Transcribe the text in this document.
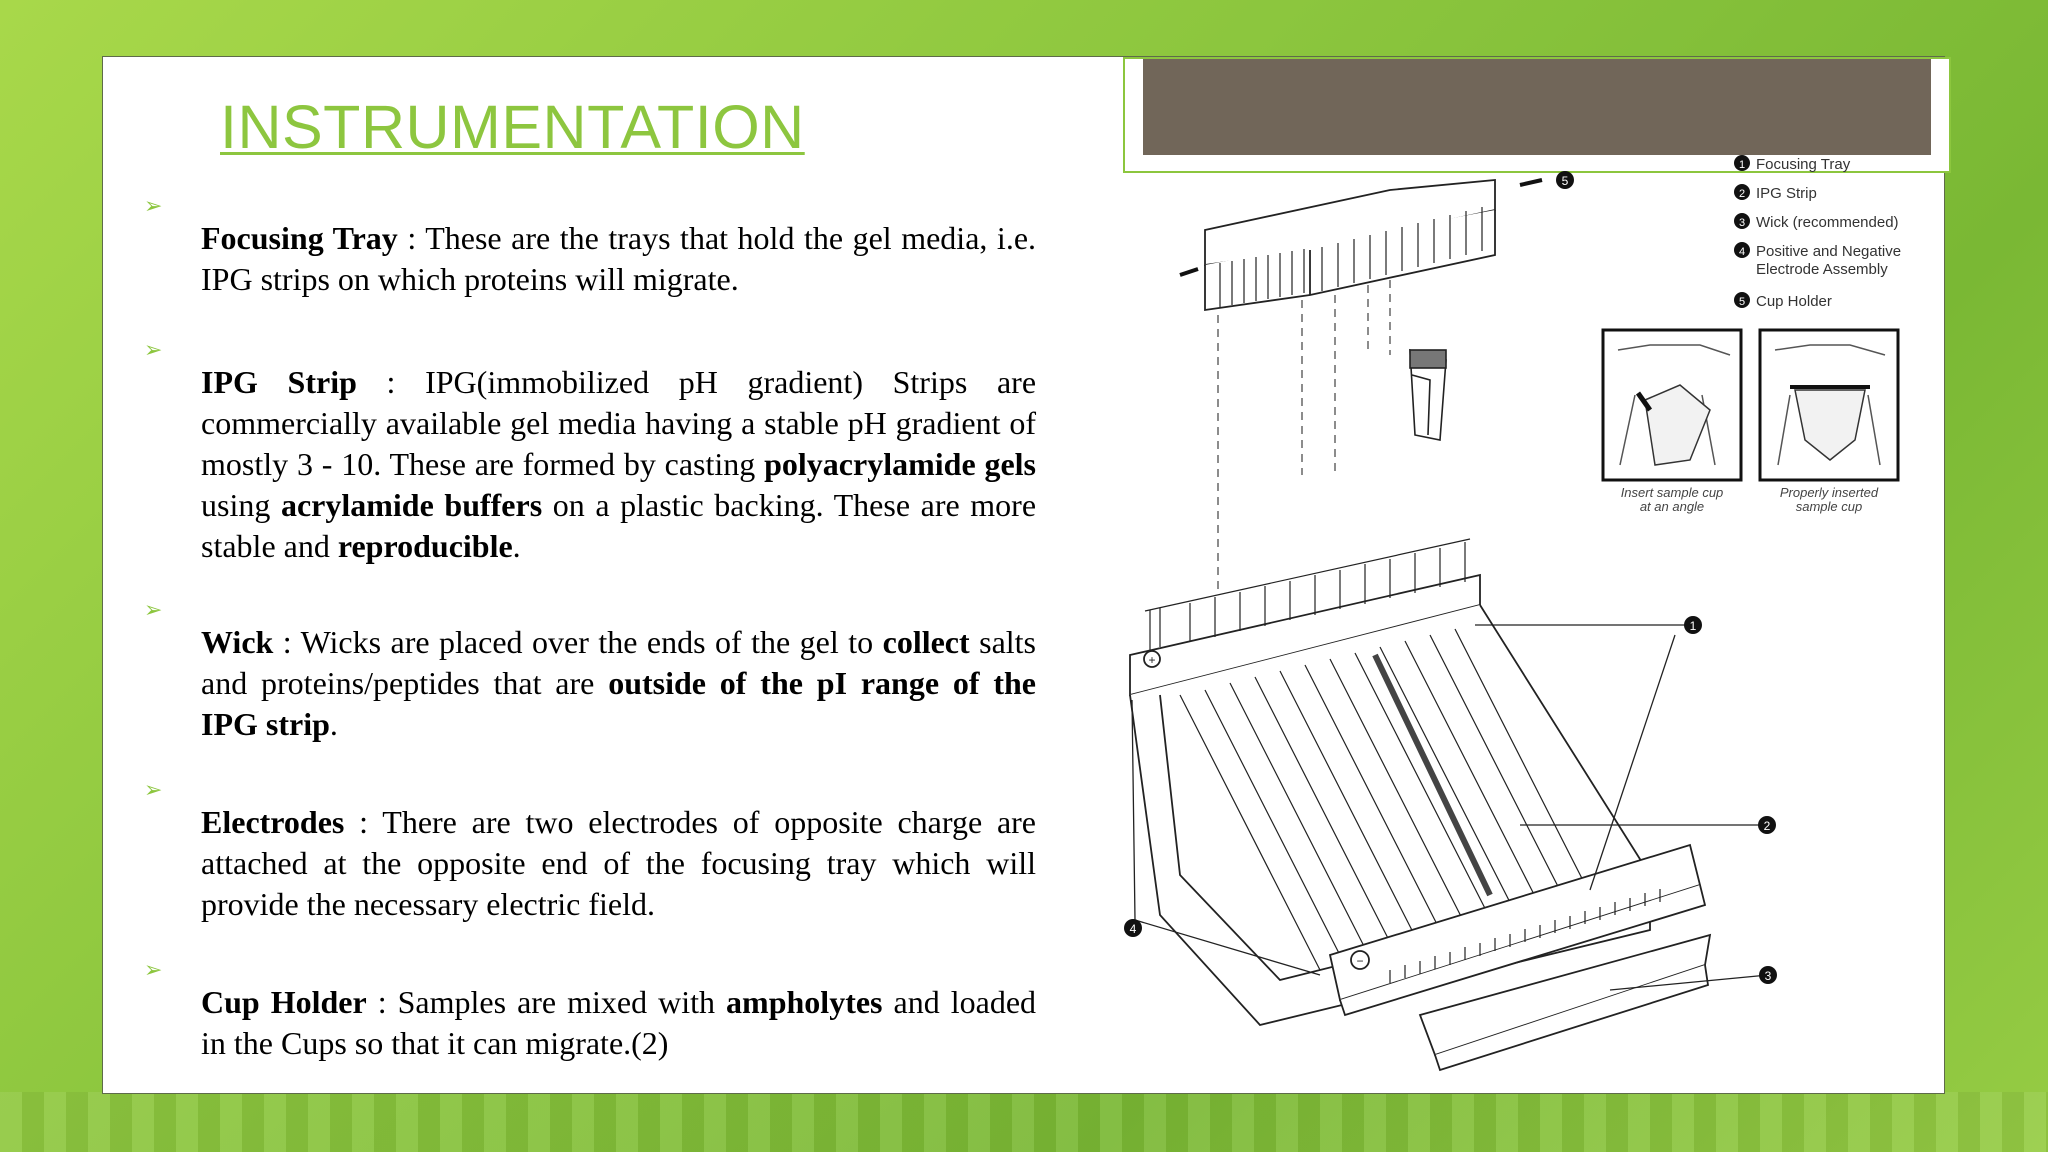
INSTRUMENTATION
➢

Focusing Tray : These are the trays that hold the gel media, i.e. IPG strips on which proteins will migrate.

➢

IPG Strip : IPG(immobilized pH gradient) Strips are commercially available gel media having a stable pH gradient of mostly 3 - 10. These are formed by casting polyacrylamide gels using acrylamide buffers on a plastic backing. These are more stable and reproducible.

➢

Wick : Wicks are placed over the ends of the gel to collect salts and proteins/peptides that are outside of the pI range of the IPG strip.

➢

Electrodes : There are two electrodes of opposite charge are attached at the opposite end of the focusing tray which will provide the necessary electric field.

➢

Cup Holder : Samples are mixed with ampholytes and loaded in the Cups so that it can migrate.(2)

1 Focusing Tray
2 IPG Strip
3 Wick (recommended)
4 Positive and Negative
Electrode Assembly
5 Cup Holder
Insert sample cup
at an angle
Properly inserted
sample cup
5
+
−
1
2
3
4
